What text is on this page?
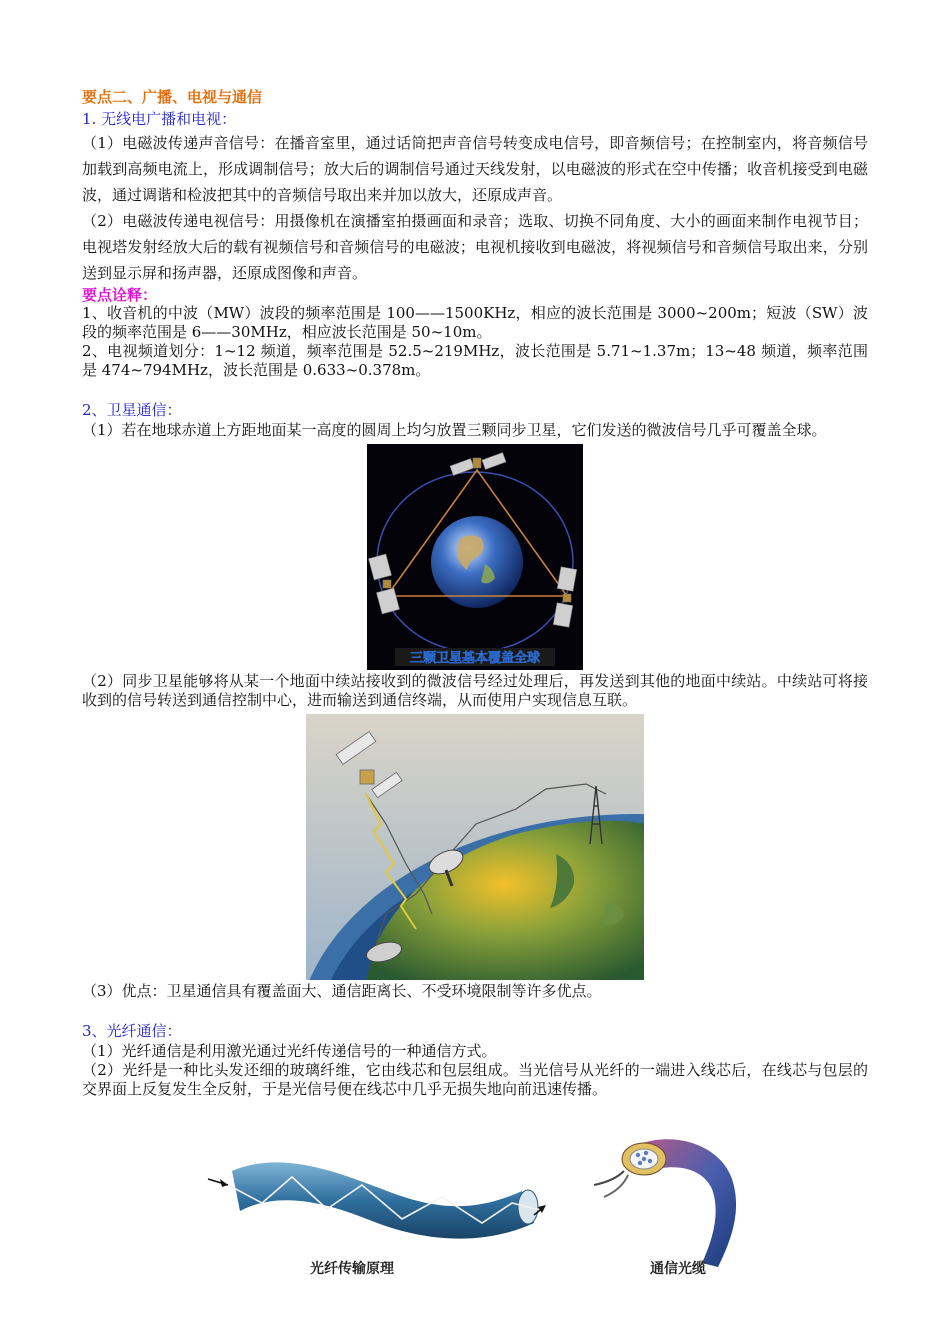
要点二、广播、电视与通信

1. 无线电广播和电视：

（1）电磁波传递声音信号：在播音室里，通过话筒把声音信号转变成电信号，即音频信号；在控制室内，将音频信号加载到高频电流上，形成调制信号；放大后的调制信号通过天线发射，以电磁波的形式在空中传播；收音机接受到电磁波，通过调谐和检波把其中的音频信号取出来并加以放大，还原成声音。

（2）电磁波传递电视信号：用摄像机在演播室拍摄画面和录音；选取、切换不同角度、大小的画面来制作电视节目；电视塔发射经放大后的载有视频信号和音频信号的电磁波；电视机接收到电磁波，将视频信号和音频信号取出来，分别送到显示屏和扬声器，还原成图像和声音。

要点诠释：

1、收音机的中波（MW）波段的频率范围是 100——1500KHz，相应的波长范围是 3000~200m；短波（SW）波段的频率范围是 6——30MHz，相应波长范围是 50~10m。

2、电视频道划分：1~12 频道，频率范围是 52.5~219MHz，波长范围是 5.71~1.37m；13~48 频道，频率范围是 474~794MHz，波长范围是 0.633~0.378m。

2、卫星通信：

（1）若在地球赤道上方距地面某一高度的圆周上均匀放置三颗同步卫星，它们发送的微波信号几乎可覆盖全球。

三颗卫星基本覆盖全球

（2）同步卫星能够将从某一个地面中续站接收到的微波信号经过处理后，再发送到其他的地面中续站。中续站可将接收到的信号转送到通信控制中心，进而输送到通信终端，从而使用户实现信息互联。

（3）优点：卫星通信具有覆盖面大、通信距离长、不受环境限制等许多优点。

3、光纤通信：

（1）光纤通信是利用激光通过光纤传递信号的一种通信方式。

（2）光纤是一种比头发还细的玻璃纤维，它由线芯和包层组成。当光信号从光纤的一端进入线芯后，在线芯与包层的交界面上反复发生全反射，于是光信号便在线芯中几乎无损失地向前迅速传播。

光纤传输原理	通信光缆
